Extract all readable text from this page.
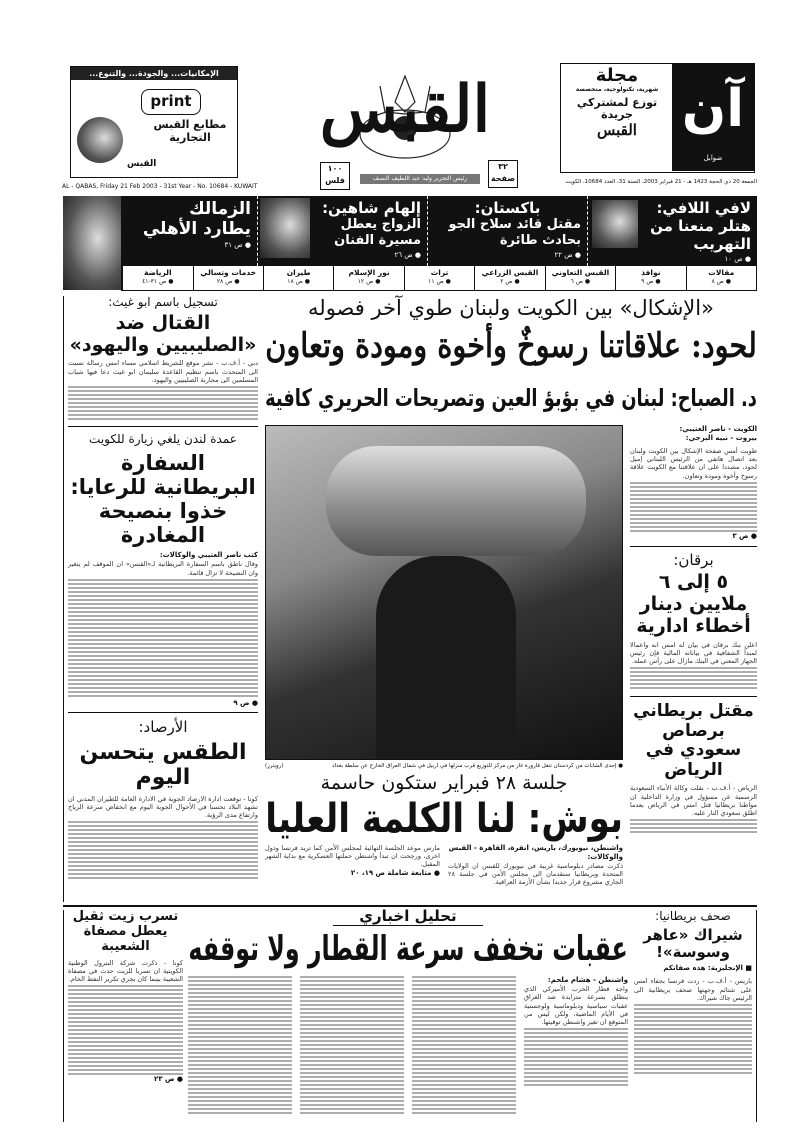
الإمكانيات... والجودة... والتنوع...
print
مطابع القبس التجارية
القبس
AL - QABAS, Friday 21 Feb 2003 - 31st Year - No. 10684 - KUWAIT
القبس
١٠٠
فلس	رئيس التحرير وليد عبد اللطيف النصف
٣٢
صفحة
آن
ضوابل
مجلة
شهرية، تكنولوجية، متخصصة
توزع لمشتركي
جريدة
القبس
الجمعة 20 ذي الحجة 1423 هـ - 21 فبراير 2003، السنة 31، العدد 10684، الكويت
لافي اللافي:
هتلر منعنا من التهريب
● ص ١٠
باكستان:
مقتل قائد سلاح الجو بحادث طائرة
● ص ٢٢
إلهام شاهين:
الزواج يعطل مسيرة الفنان
● ص ٢٦
الزمالك
يطارد الأهلي
● ص ٣١
مقالات
● ص ٨
نوافذ
● ص ٩
القبس التعاوني
● ص ٦
القبس الزراعي
● ص ٢
تراث
● ص ١١
نور الإسلام
● ص ١٢
طيران
● ص ١٨
خدمات وتسالي
● ص ٢٨
الرياضة
● ص ٣١-٤١
تسجيل باسم ابو غيث:
القتال ضد «الصليبيين واليهود»
دبي - أ.ف.ب - نشر موقع للشريط اسلامي مساء امس رسالة نسبت الى المتحدث باسم تنظيم القاعدة سليمان ابو غيث دعا فيها شباب المسلمين الى محاربة الصليبيين واليهود.
عمدة لندن يلغي زيارة للكويت
السفارة البريطانية للرعايا: خذوا بنصيحة المغادرة
كتب ناصر العتيبي والوكالات:
وقال ناطق باسم السفارة البريطانية لـ«القبس» ان الموقف لم يتغير وان النصيحة لا تزال قائمة.
● ص ٩
الأرصاد:
الطقس يتحسن اليوم
كونا - توقعت ادارة الارصاد الجوية في الادارة العامة للطيران المدني ان تشهد البلاد تحسنا في الأحوال الجوية اليوم مع انخفاض سرعة الرياح وارتفاع مدى الرؤية.
«الإشكال» بين الكويت ولبنان طوي آخر فصوله
لحود: علاقاتنا رسوخٌ وأخوة ومودة وتعاون
د. الصباح: لبنان في بؤبؤ العين وتصريحات الحريري كافية
الكويت - ناصر العتيبي:
بيروت - نبيه البرجي:
طويت أمس صفحة الإشكال بين الكويت ولبنان بعد اتصال هاتفي من الرئيس اللبناني إميل لحود، مشددا على ان علاقتنا مع الكويت علاقة رسوخ وأخوة ومودة وتعاون.
● ص ٣
برقان:
٥ إلى ٦ ملايين دينار أخطاء ادارية
اعلن بنك برقان في بيان له امس انه واعمالا لمبدأ الشفافية في بياناته المالية فإن رئيس الجهاز المعني في البنك مازال على رأس عمله.
مقتل بريطاني برصاص سعودي في الرياض
الرياض - أ.ف.ب - نقلت وكالة الأنباء السعودية الرسمية عن مسؤول في وزارة الداخلية ان مواطنا بريطانيا قتل امس في الرياض بعدما اطلق سعودي النار عليه.
● إحدى الشابات من كردستان تنقل قارورة غاز من مركز للتوزيع قرب منزلها في اربيل في شمال العراق الخارج عن سلطة بغداد
(رويترز)
جلسة ٢٨ فبراير ستكون حاسمة
بوش: لنا الكلمة العليا
واشنطن، نيويورك، باريس، انقرة، القاهرة - القبس والوكالات:
ذكرت مصادر دبلوماسية غربية في نيويورك للقبس ان الولايات المتحدة وبريطانيا ستقدمان الى مجلس الأمن في جلسة ٢٨ الجاري مشروع قرار جديدا بشأن الأزمة العراقية.
مارس موعد الجلسة النهائية لمجلس الأمن كما تريد فرنسا ودول اخرى، ورجحت ان تبدأ واشنطن حملتها العسكرية مع بداية الشهر المقبل.
● متابعة شاملة ص ١٩، ٢٠
تسرب زيت ثقيل يعطل مصفاة الشعيبة
كونا - ذكرت شركة البترول الوطنية الكويتية ان تسربا للزيت حدث في مصفاة الشعيبة بينما كان يجري تكرير النفط الخام.
● ص ٢٣
تحليل اخباري
عقبات تخفف سرعة القطار ولا توقفه
واشنطن - هشام ملحم:
واجه قطار الحرب الأميركي الذي ينطلق بسرعة متزايدة ضد العراق عقبات سياسية ودبلوماسية ولوجستية في الأيام الماضية، ولكن ليس من المتوقع ان تغير واشنطن توقيتها.
صحف بريطانيا:
شيراك «عاهر وسوسة»!
■ الإنجليزية: هذه صفاتكم
باريس - أ.ف.ب - ردت فرنسا بجفاء امس على شتائم وجهتها صحف بريطانية الى الرئيس جاك شيراك.
